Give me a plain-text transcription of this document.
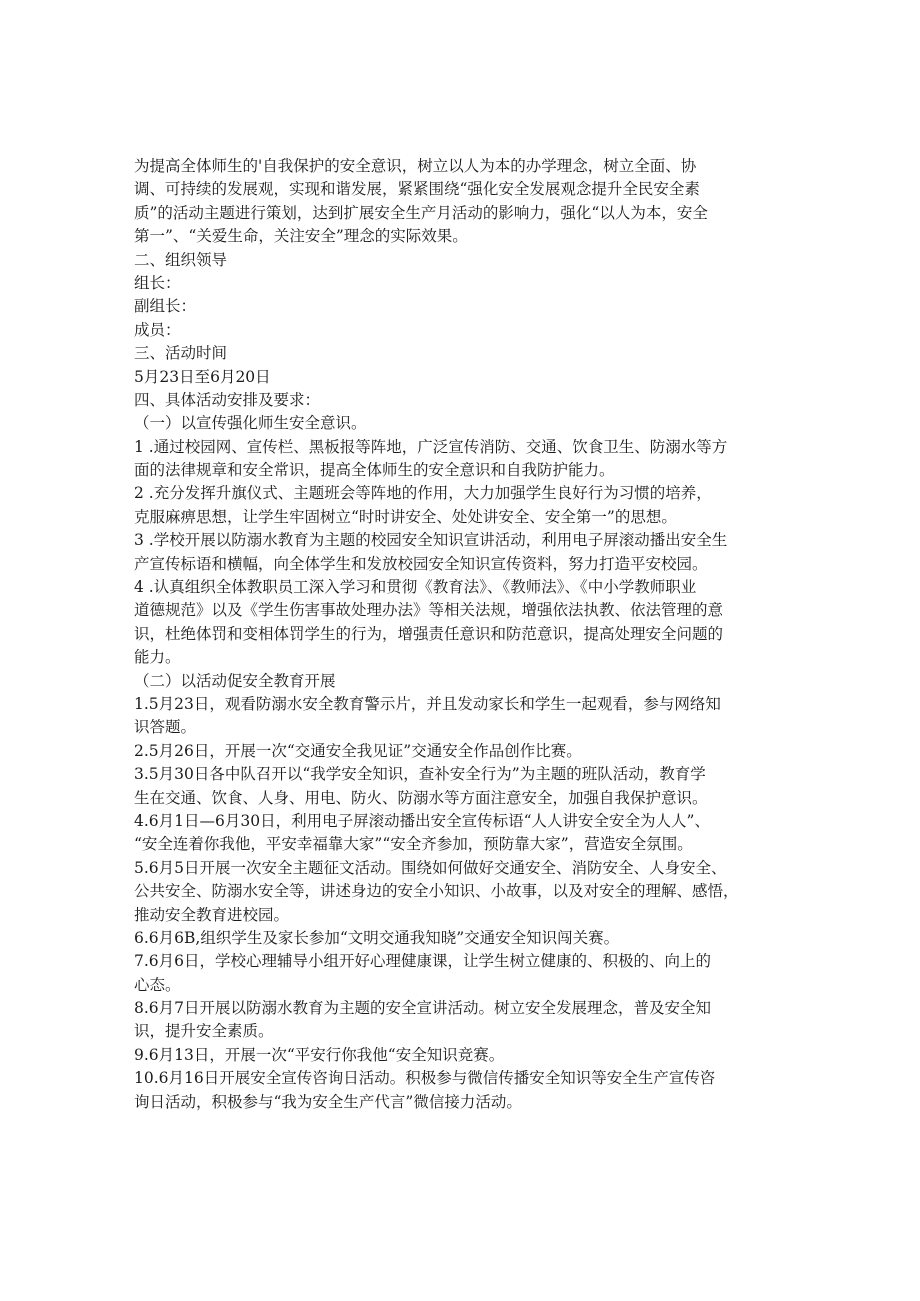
为提高全体师生的'自我保护的安全意识，树立以人为本的办学理念，树立全面、协
调、可持续的发展观，实现和谐发展，紧紧围绕“强化安全发展观念提升全民安全素
质”的活动主题进行策划，达到扩展安全生产月活动的影响力，强化“以人为本，安全
第一”、“关爱生命，关注安全”理念的实际效果。
二、组织领导
组长：
副组长：
成员：
三、活动时间
5月23日至6月20日
四、具体活动安排及要求：
（一）以宣传强化师生安全意识。
1 .通过校园网、宣传栏、黑板报等阵地，广泛宣传消防、交通、饮食卫生、防溺水等方
面的法律规章和安全常识，提高全体师生的安全意识和自我防护能力。
2 .充分发挥升旗仪式、主题班会等阵地的作用，大力加强学生良好行为习惯的培养，
克服麻痹思想，让学生牢固树立“时时讲安全、处处讲安全、安全第一”的思想。
3 .学校开展以防溺水教育为主题的校园安全知识宣讲活动，利用电子屏滚动播出安全生
产宣传标语和横幅，向全体学生和发放校园安全知识宣传资料，努力打造平安校园。
4 .认真组织全体教职员工深入学习和贯彻《教育法》、《教师法》、《中小学教师职业
道德规范》以及《学生伤害事故处理办法》等相关法规，增强依法执教、依法管理的意
识，杜绝体罚和变相体罚学生的行为，增强责任意识和防范意识，提高处理安全问题的
能力。
（二）以活动促安全教育开展
1.5月23日，观看防溺水安全教育警示片，并且发动家长和学生一起观看，参与网络知
识答题。
2.5月26日，开展一次“交通安全我见证”交通安全作品创作比赛。
3.5月30日各中队召开以“我学安全知识，查补安全行为”为主题的班队活动，教育学
生在交通、饮食、人身、用电、防火、防溺水等方面注意安全，加强自我保护意识。
4.6月1日—6月30日，利用电子屏滚动播出安全宣传标语“人人讲安全安全为人人”、
“安全连着你我他，平安幸福靠大家”“安全齐参加，预防靠大家”，营造安全氛围。
5.6月5日开展一次安全主题征文活动。围绕如何做好交通安全、消防安全、人身安全、
公共安全、防溺水安全等，讲述身边的安全小知识、小故事，以及对安全的理解、感悟，
推动安全教育进校园。
6.6月6B,组织学生及家长参加“文明交通我知晓”交通安全知识闯关赛。
7.6月6日，学校心理辅导小组开好心理健康课，让学生树立健康的、积极的、向上的
心态。
8.6月7日开展以防溺水教育为主题的安全宣讲活动。树立安全发展理念，普及安全知
识，提升安全素质。
9.6月13日，开展一次“平安行你我他“安全知识竞赛。
10.6月16日开展安全宣传咨询日活动。积极参与微信传播安全知识等安全生产宣传咨
询日活动，积极参与“我为安全生产代言”微信接力活动。
